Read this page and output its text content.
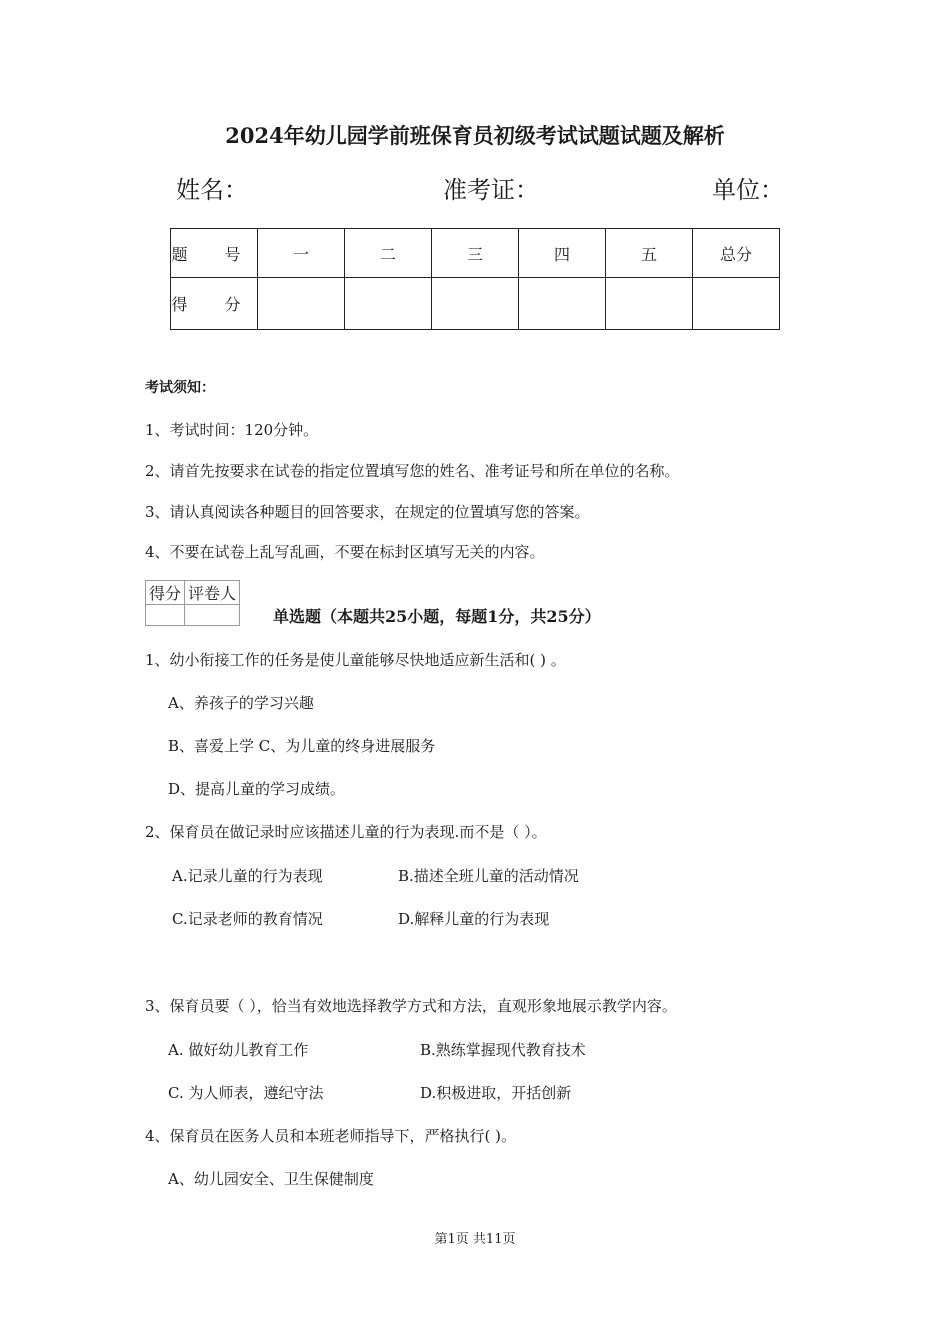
2024年幼儿园学前班保育员初级考试试题试题及解析
姓名：	准考证：	单位：
题 号	一	二	三	四	五	总分
得 分						
考试须知：
1、考试时间：120分钟。
2、请首先按要求在试卷的指定位置填写您的姓名、准考证号和所在单位的名称。
3、请认真阅读各种题目的回答要求，在规定的位置填写您的答案。
4、不要在试卷上乱写乱画，不要在标封区填写无关的内容。
得分	评卷人

单选题（本题共25小题，每题1分，共25分）
1、幼小衔接工作的任务是使儿童能够尽快地适应新生活和( ) 。
A、养孩子的学习兴趣
B、喜爱上学 C、为儿童的终身进展服务
D、提高儿童的学习成绩。
2、保育员在做记录时应该描述儿童的行为表现.而不是（ ）。
A.记录儿童的行为表现	B.描述全班儿童的活动情况
C.记录老师的教育情况	D.解释儿童的行为表现
3、保育员要（ ），恰当有效地选择教学方式和方法，直观形象地展示教学内容。
A. 做好幼儿教育工作	B.熟练掌握现代教育技术
C. 为人师表，遵纪守法	D.积极进取，开括创新
4、保育员在医务人员和本班老师指导下，严格执行( )。
A、幼儿园安全、卫生保健制度
第1页 共11页
